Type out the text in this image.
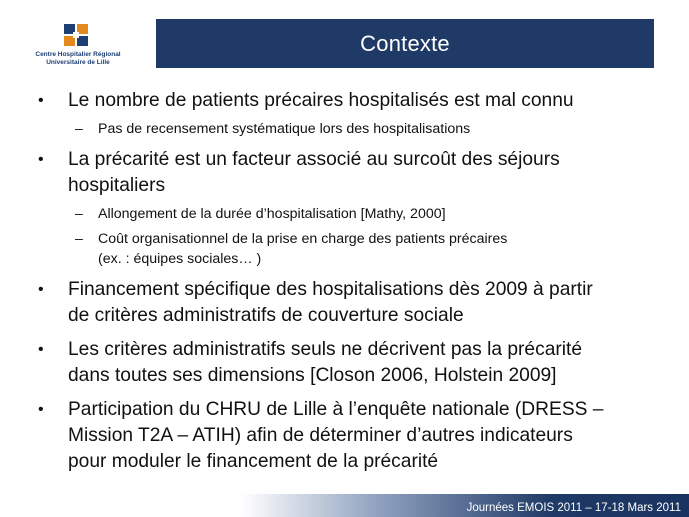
Centre Hospitalier Régional
Universitaire de Lille
Contexte
• Le nombre de patients précaires hospitalisés est mal connu
– Pas de recensement systématique lors des hospitalisations
• La précarité est un facteur associé au surcoût des séjours
hospitaliers
– Allongement de la durée d’hospitalisation [Mathy, 2000]
– Coût organisationnel de la prise en charge des patients précaires
(ex. : équipes sociales… )
• Financement spécifique des hospitalisations dès 2009 à partir
de critères administratifs de couverture sociale
• Les critères administratifs seuls ne décrivent pas la précarité
dans toutes ses dimensions [Closon 2006, Holstein 2009]
• Participation du CHRU de Lille à l’enquête nationale (DRESS –
Mission T2A – ATIH) afin de déterminer d’autres indicateurs
pour moduler le financement de la précarité
Journées EMOIS 2011 – 17-18 Mars 2011
